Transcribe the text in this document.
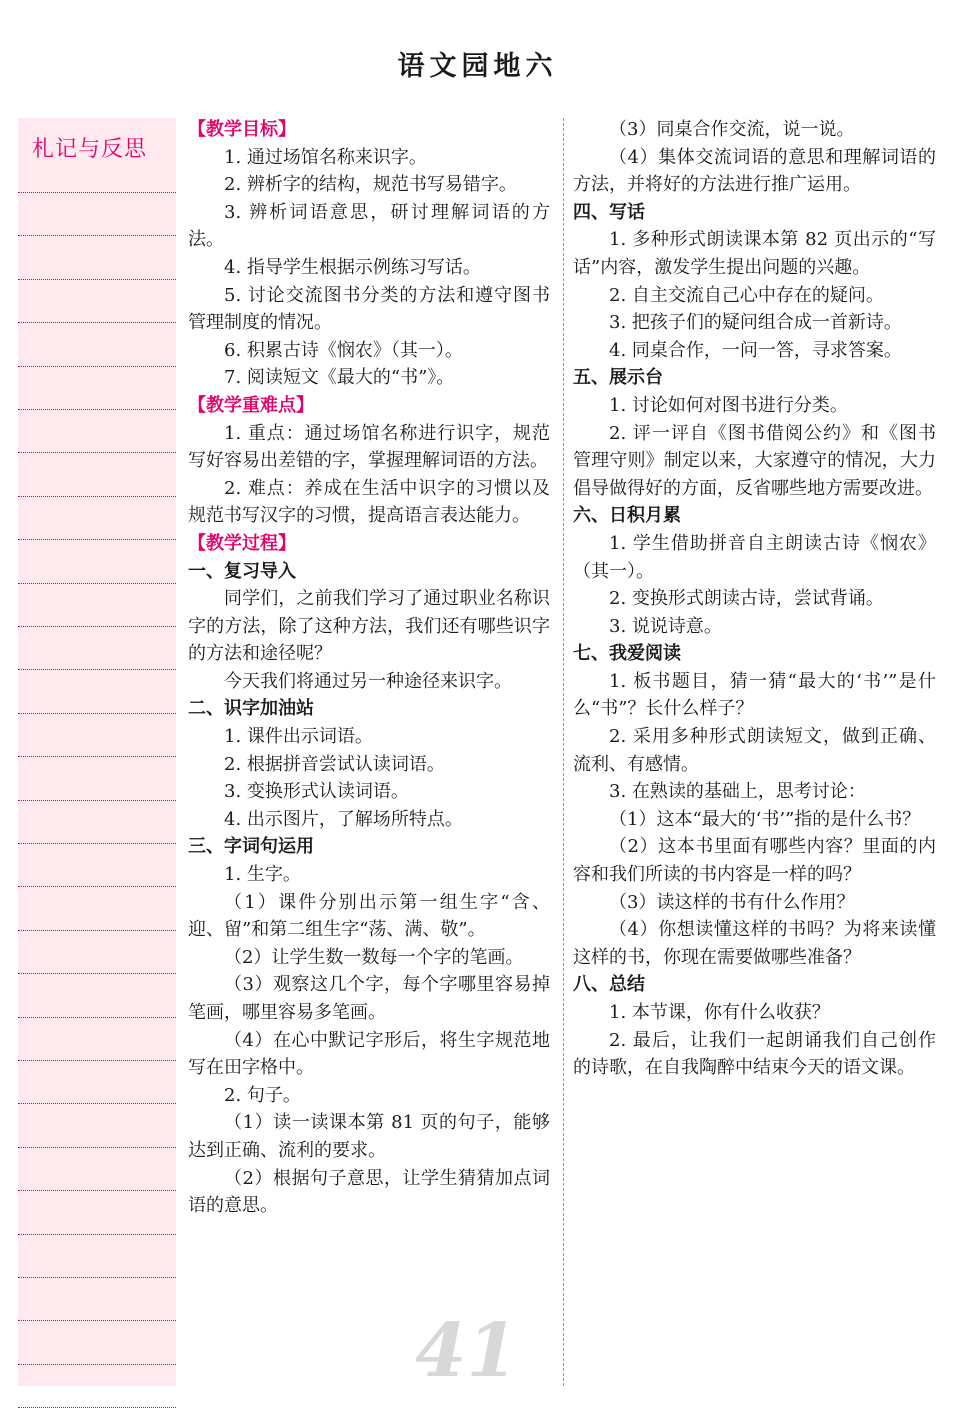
语文园地六
札记与反思
【教学目标】
1. 通过场馆名称来识字。
2. 辨析字的结构，规范书写易错字。
3. 辨析词语意思，研讨理解词语的方法。
4. 指导学生根据示例练习写话。
5. 讨论交流图书分类的方法和遵守图书管理制度的情况。
6. 积累古诗《悯农》（其一）。
7. 阅读短文《最大的“书”》。
【教学重难点】
1. 重点：通过场馆名称进行识字，规范写好容易出差错的字，掌握理解词语的方法。
2. 难点：养成在生活中识字的习惯以及规范书写汉字的习惯，提高语言表达能力。
【教学过程】
一、复习导入
同学们，之前我们学习了通过职业名称识字的方法，除了这种方法，我们还有哪些识字的方法和途径呢？
今天我们将通过另一种途径来识字。
二、识字加油站
1. 课件出示词语。
2. 根据拼音尝试认读词语。
3. 变换形式认读词语。
4. 出示图片，了解场所特点。
三、字词句运用
1. 生字。
（1）课件分别出示第一组生字“含、迎、留”和第二组生字“荡、满、敬”。
（2）让学生数一数每一个字的笔画。
（3）观察这几个字，每个字哪里容易掉笔画，哪里容易多笔画。
（4）在心中默记字形后，将生字规范地写在田字格中。
2. 句子。
（1）读一读课本第 81 页的句子，能够达到正确、流利的要求。
（2）根据句子意思，让学生猜猜加点词语的意思。
（3）同桌合作交流，说一说。
（4）集体交流词语的意思和理解词语的方法，并将好的方法进行推广运用。
四、写话
1. 多种形式朗读课本第 82 页出示的“写话”内容，激发学生提出问题的兴趣。
2. 自主交流自己心中存在的疑问。
3. 把孩子们的疑问组合成一首新诗。
4. 同桌合作，一问一答，寻求答案。
五、展示台
1. 讨论如何对图书进行分类。
2. 评一评自《图书借阅公约》和《图书管理守则》制定以来，大家遵守的情况，大力倡导做得好的方面，反省哪些地方需要改进。
六、日积月累
1. 学生借助拼音自主朗读古诗《悯农》（其一）。
2. 变换形式朗读古诗，尝试背诵。
3. 说说诗意。
七、我爱阅读
1. 板书题目，猜一猜“最大的‘书’”是什么“书”？长什么样子？
2. 采用多种形式朗读短文，做到正确、流利、有感情。
3. 在熟读的基础上，思考讨论：
（1）这本“最大的‘书’”指的是什么书？
（2）这本书里面有哪些内容？里面的内容和我们所读的书内容是一样的吗？
（3）读这样的书有什么作用？
（4）你想读懂这样的书吗？为将来读懂这样的书，你现在需要做哪些准备？
八、总结
1. 本节课，你有什么收获？
2. 最后，让我们一起朗诵我们自己创作的诗歌，在自我陶醉中结束今天的语文课。
41
